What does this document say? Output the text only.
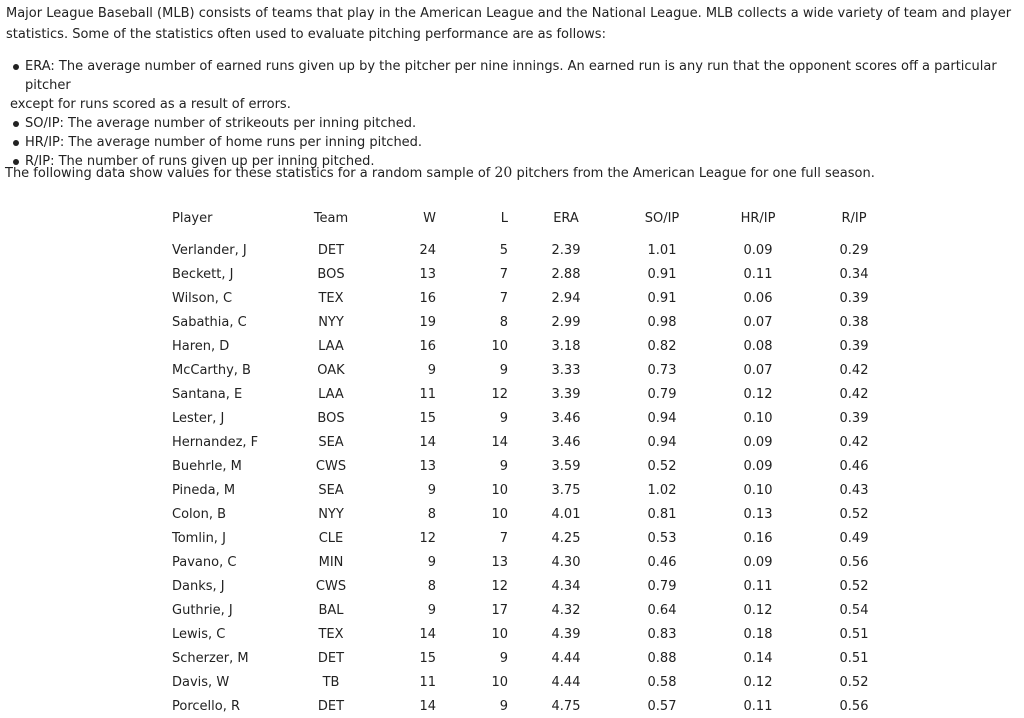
Major League Baseball (MLB) consists of teams that play in the American League and the National League. MLB collects a wide variety of team and player statistics. Some of the statistics often used to evaluate pitching performance are as follows:

ERA: The average number of earned runs given up by the pitcher per nine innings. An earned run is any run that the opponent scores off a particular pitcher
except for runs scored as a result of errors.
SO/IP: The average number of strikeouts per inning pitched.
HR/IP: The average number of home runs per inning pitched.
R/IP: The number of runs given up per inning pitched.

The following data show values for these statistics for a random sample of 20 pitchers from the American League for one full season.

Player	Team	W	L	ERA	SO/IP	HR/IP	R/IP
Verlander, J	DET	24	5	2.39	1.01	0.09	0.29
Beckett, J	BOS	13	7	2.88	0.91	0.11	0.34
Wilson, C	TEX	16	7	2.94	0.91	0.06	0.39
Sabathia, C	NYY	19	8	2.99	0.98	0.07	0.38
Haren, D	LAA	16	10	3.18	0.82	0.08	0.39
McCarthy, B	OAK	9	9	3.33	0.73	0.07	0.42
Santana, E	LAA	11	12	3.39	0.79	0.12	0.42
Lester, J	BOS	15	9	3.46	0.94	0.10	0.39
Hernandez, F	SEA	14	14	3.46	0.94	0.09	0.42
Buehrle, M	CWS	13	9	3.59	0.52	0.09	0.46
Pineda, M	SEA	9	10	3.75	1.02	0.10	0.43
Colon, B	NYY	8	10	4.01	0.81	0.13	0.52
Tomlin, J	CLE	12	7	4.25	0.53	0.16	0.49
Pavano, C	MIN	9	13	4.30	0.46	0.09	0.56
Danks, J	CWS	8	12	4.34	0.79	0.11	0.52
Guthrie, J	BAL	9	17	4.32	0.64	0.12	0.54
Lewis, C	TEX	14	10	4.39	0.83	0.18	0.51
Scherzer, M	DET	15	9	4.44	0.88	0.14	0.51
Davis, W	TB	11	10	4.44	0.58	0.12	0.52
Porcello, R	DET	14	9	4.75	0.57	0.11	0.56
